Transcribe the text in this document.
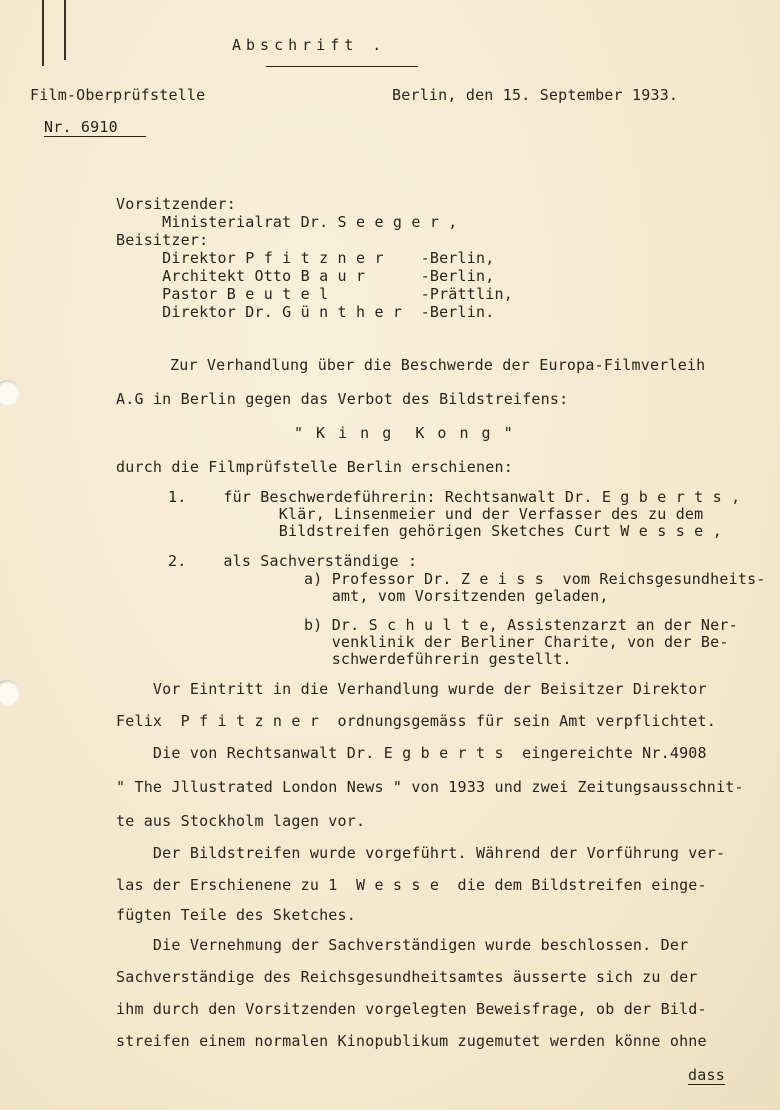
Abschrift .
Film-Oberprüfstelle	Berlin, den 15. September 1933.
Nr. 6910
Vorsitzender:
Ministerialrat Dr. S e e g e r ,
Beisitzer:
Direktor P f i t z n e r    -Berlin,
Architekt Otto B a u r      -Berlin,
Pastor B e u t e l          -Prättlin,
Direktor Dr. G ü n t h e r  -Berlin.
Zur Verhandlung über die Beschwerde der Europa-Filmverleih
A.G in Berlin gegen das Verbot des Bildstreifens:
" K i n g  K o n g "
durch die Filmprüfstelle Berlin erschienen:
1.    für Beschwerdeführerin: Rechtsanwalt Dr. E g b e r t s ,
Klär, Linsenmeier und der Verfasser des zu dem
Bildstreifen gehörigen Sketches Curt W e s s e ,
2.    als Sachverständige :
a) Professor Dr. Z e i s s  vom Reichsgesundheits-
amt, vom Vorsitzenden geladen,
b) Dr. S c h u l t e, Assistenzarzt an der Ner-
venklinik der Berliner Charite, von der Be-
schwerdeführerin gestellt.
Vor Eintritt in die Verhandlung wurde der Beisitzer Direktor
Felix  P f i t z n e r  ordnungsgemäss für sein Amt verpflichtet.
Die von Rechtsanwalt Dr. E g b e r t s  eingereichte Nr.4908
" The Jllustrated London News " von 1933 und zwei Zeitungsausschnit-
te aus Stockholm lagen vor.
Der Bildstreifen wurde vorgeführt. Während der Vorführung ver-
las der Erschienene zu 1  W e s s e  die dem Bildstreifen einge-
fügten Teile des Sketches.
Die Vernehmung der Sachverständigen wurde beschlossen. Der
Sachverständige des Reichsgesundheitsamtes äusserte sich zu der
ihm durch den Vorsitzenden vorgelegten Beweisfrage, ob der Bild-
streifen einem normalen Kinopublikum zugemutet werden könne ohne
dass
